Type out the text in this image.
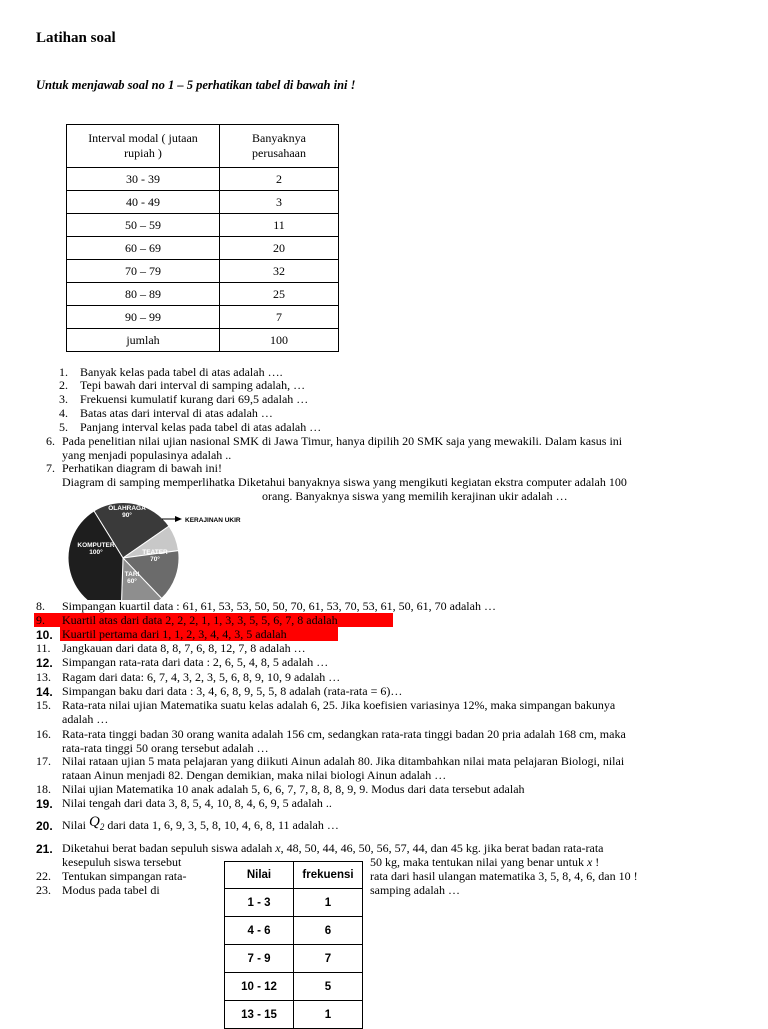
Latihan soal
Untuk menjawab soal no 1 – 5 perhatikan tabel di bawah ini !
Interval modal ( jutaan
rupiah )	Banyaknya
perusahaan
30 - 39	2
40 - 49	3
50 – 59	11
60 – 69	20
70 – 79	32
80 – 89	25
90 – 99	7
jumlah	100
1. Banyak kelas pada tabel di atas adalah ….
2. Tepi bawah dari interval di samping adalah, …
3. Frekuensi kumulatif kurang dari 69,5 adalah …
4. Batas atas dari interval di atas adalah …
5. Panjang interval kelas pada tabel di atas adalah …
6. Pada penelitian nilai ujian nasional SMK di Jawa Timur, hanya dipilih 20 SMK saja yang mewakili. Dalam kasus ini
yang menjadi populasinya adalah ..
7. Perhatikan diagram di bawah ini!
Diagram di samping memperlihatka Diketahui banyaknya siswa yang mengikuti kegiatan ekstra computer adalah 100
orang. Banyaknya siswa yang memilih kerajinan ukir adalah …
OLAHRAGA
90°
KOMPUTER
100°	TEATER
70°
TARI
60°
KERAJINAN UKIR
8. Simpangan kuartil data : 61, 61, 53, 53, 50, 50, 70, 61, 53, 70, 53, 61, 50, 61, 70 adalah …
9. Kuartil atas dari data 2, 2, 2, 1, 1, 3, 3, 5, 5, 6, 7, 8 adalah
10. Kuartil pertama dari 1, 1, 2, 3, 4, 4, 3, 5 adalah
11. Jangkauan dari data 8, 8, 7, 6, 8, 12, 7, 8 adalah …
12. Simpangan rata-rata dari data : 2, 6, 5, 4, 8, 5 adalah …
13. Ragam dari data: 6, 7, 4, 3, 2, 3, 5, 6, 8, 9, 10, 9 adalah …
14. Simpangan baku dari data : 3, 4, 6, 8, 9, 5, 5, 8 adalah (rata-rata = 6)…
15. Rata-rata nilai ujian Matematika suatu kelas adalah 6, 25. Jika koefisien variasinya 12%, maka simpangan bakunya
adalah …
16. Rata-rata tinggi badan 30 orang wanita adalah 156 cm, sedangkan rata-rata tinggi badan 20 pria adalah 168 cm, maka
rata-rata tinggi 50 orang tersebut adalah …
17. Nilai rataan ujian 5 mata pelajaran yang diikuti Ainun adalah 80. Jika ditambahkan nilai mata pelajaran Biologi, nilai
rataan Ainun menjadi 82. Dengan demikian, maka nilai biologi Ainun adalah …
18. Nilai ujian Matematika 10 anak adalah 5, 6, 6, 7, 7, 8, 8, 8, 9, 9. Modus dari data tersebut adalah
19. Nilai tengah dari data 3, 8, 5, 4, 10, 8, 4, 6, 9, 5 adalah ..
20. Nilai $Q_2$ dari data 1, 6, 9, 3, 5, 8, 10, 4, 6, 8, 11 adalah …
21. Diketahui berat badan sepuluh siswa adalah x, 48, 50, 44, 46, 50, 56, 57, 44, dan 45 kg. jika berat badan rata-rata
kesepuluh siswa tersebut	50 kg, maka tentukan nilai yang benar untuk x !
22. Tentukan simpangan rata-	rata dari hasil ulangan matematika 3, 5, 8, 4, 6, dan 10 !
23. Modus pada tabel di	samping adalah …
Nilai	frekuensi
1 - 3	1
4 - 6	6
7 - 9	7
10 - 12	5
13 - 15	1
